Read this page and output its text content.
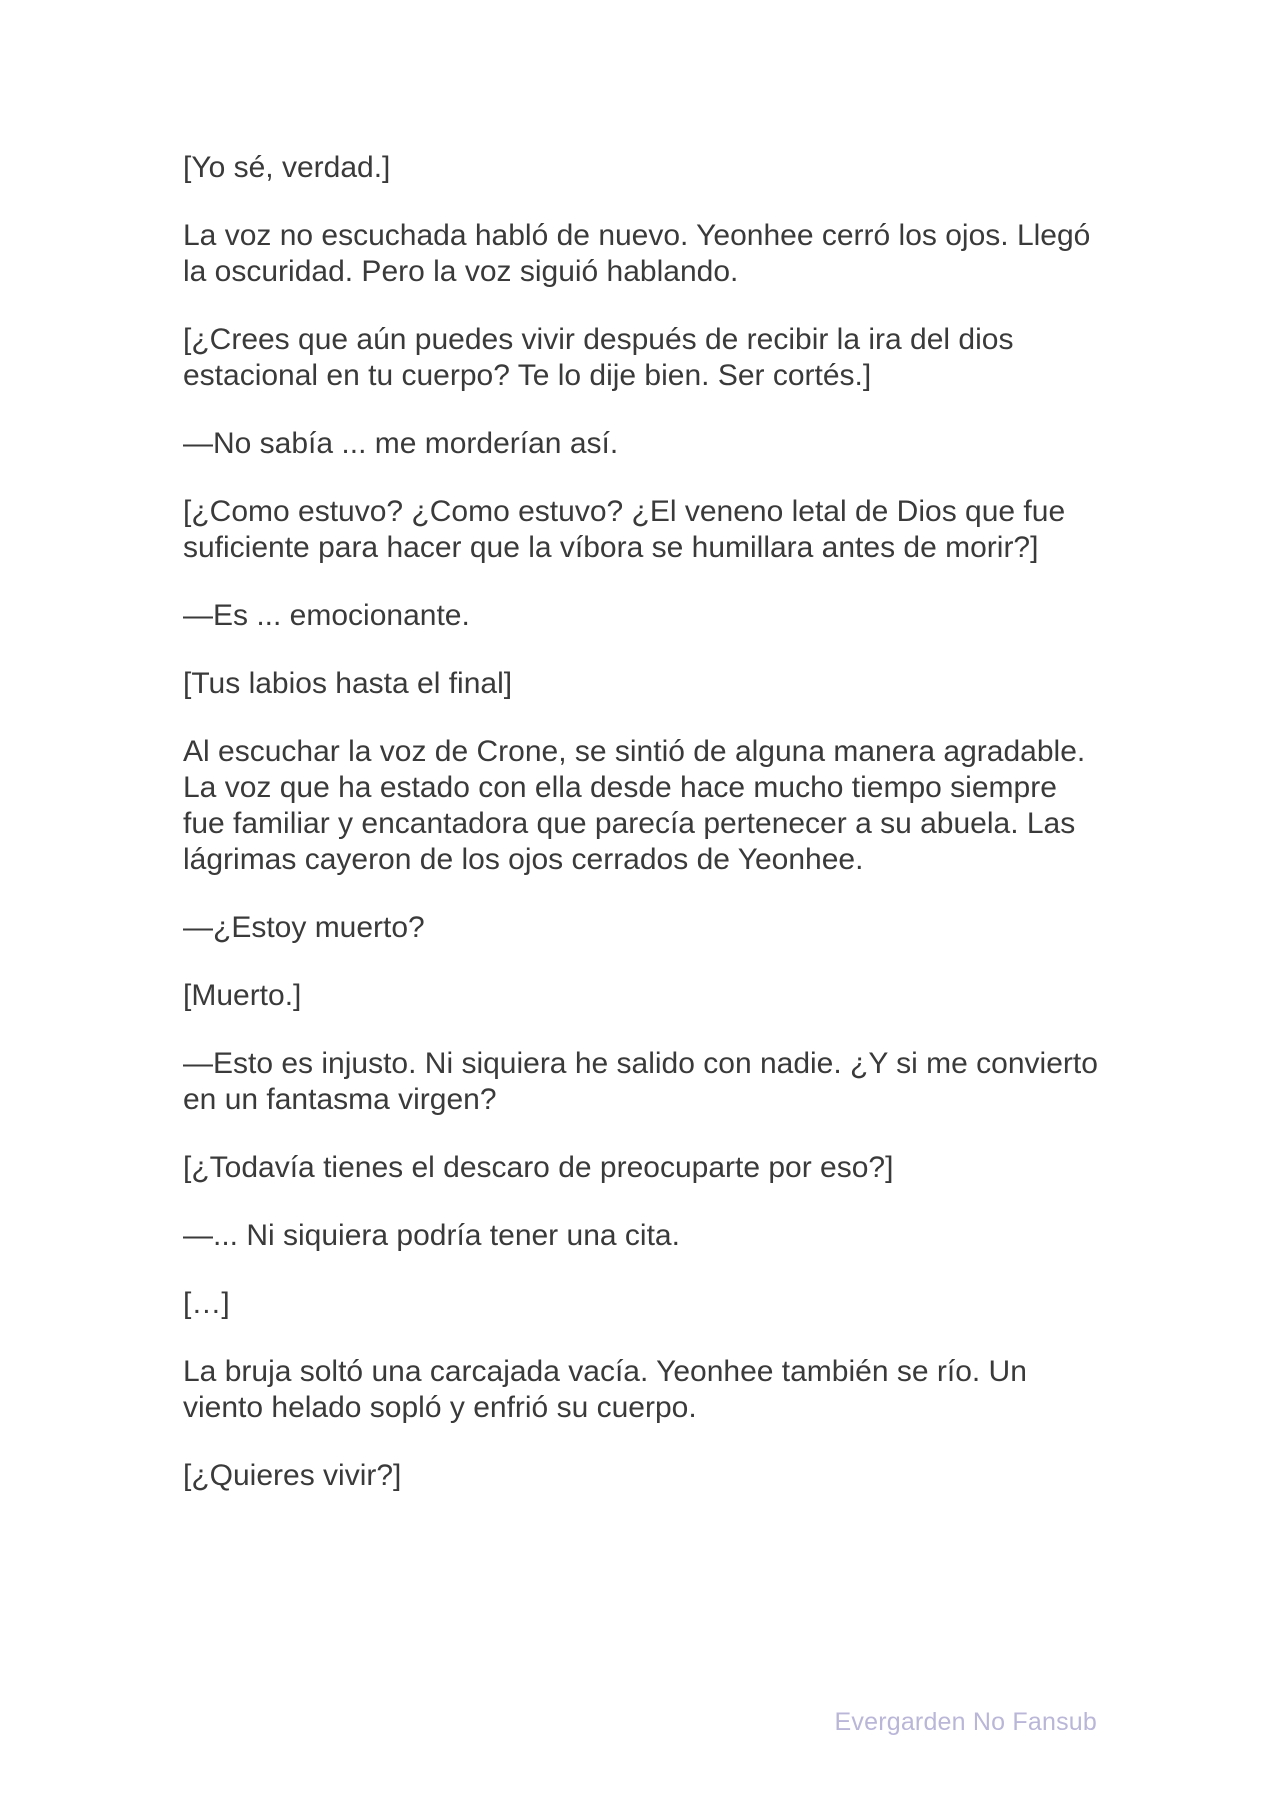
[Yo sé, verdad.]

La voz no escuchada habló de nuevo. Yeonhee cerró los ojos. Llegó la oscuridad. Pero la voz siguió hablando.

[¿Crees que aún puedes vivir después de recibir la ira del dios estacional en tu cuerpo? Te lo dije bien. Ser cortés.]

—No sabía ... me morderían así.

[¿Como estuvo? ¿Como estuvo? ¿El veneno letal de Dios que fue suficiente para hacer que la víbora se humillara antes de morir?]

—Es ... emocionante.

[Tus labios hasta el final]

Al escuchar la voz de Crone, se sintió de alguna manera agradable. La voz que ha estado con ella desde hace mucho tiempo siempre fue familiar y encantadora que parecía pertenecer a su abuela. Las lágrimas cayeron de los ojos cerrados de Yeonhee.

—¿Estoy muerto?

[Muerto.]

—Esto es injusto. Ni siquiera he salido con nadie. ¿Y si me convierto en un fantasma virgen?

[¿Todavía tienes el descaro de preocuparte por eso?]

—... Ni siquiera podría tener una cita.

[…]

La bruja soltó una carcajada vacía. Yeonhee también se río. Un viento helado sopló y enfrió su cuerpo.

[¿Quieres vivir?]

Evergarden No Fansub
